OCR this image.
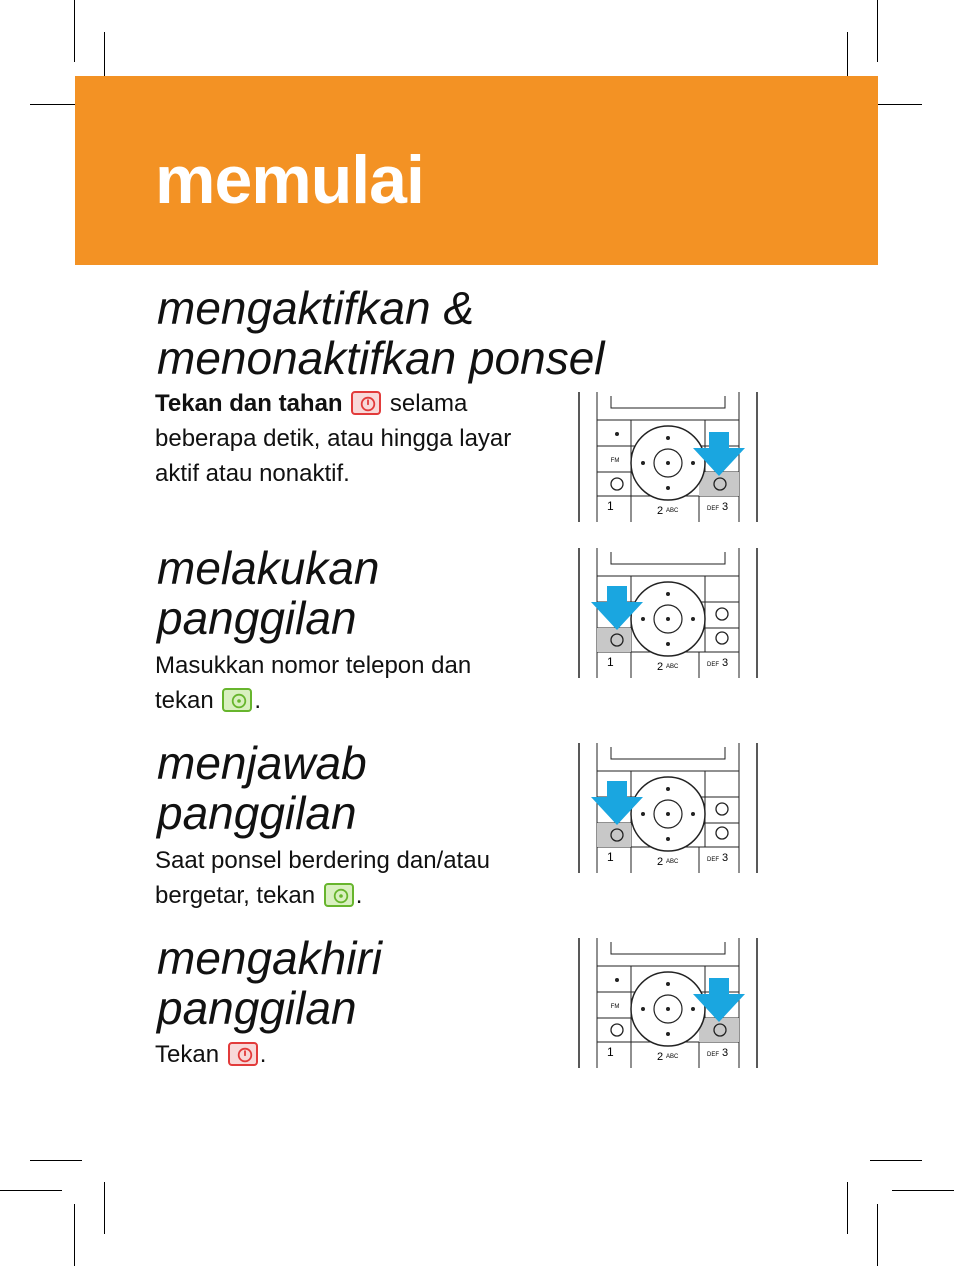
memulai
mengaktifkan &
menonaktifkan ponsel

Tekan dan tahan
selama beberapa detik, atau hingga layar aktif atau nonaktif.

melakukan
panggilan

Masukkan nomor telepon dan tekan
.

menjawab
panggilan

Saat ponsel berdering dan/atau bergetar, tekan
.

mengakhiri
panggilan

Tekan
.

FM
1	2 ABC	DEF 3
1	2 ABC	DEF 3
1	2 ABC	DEF 3
FM
1	2 ABC	DEF 3
